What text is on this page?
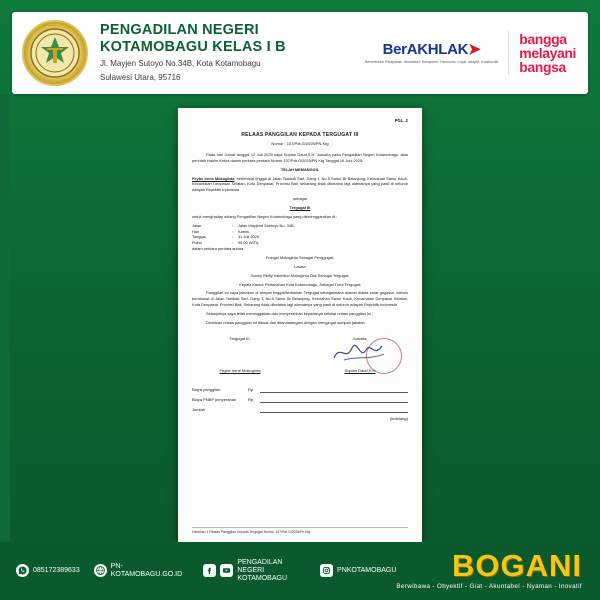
PENGADILAN NEGERI
KOTAMOBAGU KELAS I B
Jl. Mayjen Sutoyo No.34B, Kota Kotamobagu
Sulawesi Utara, 95716
BerAKHLAK➤
Berorientasi Pelayanan, Akuntabel, Kompeten, Harmonis, Loyal, Adaptif, Kolaboratif
bangga
melayani
bangsa
PGL. 2
RELAAS PANGGILAN KEPADA TERGUGAT III
Nomor : 107/Pdt.G/2025/PN Ktg

Pada hari Jumat tanggal 12 Juli 2025 saya Sopian Daud,S.H. Jurusita pada Pengadilan Negeri Kotamobagu, atas perintah Hakim Ketua dalam perkara perdata Nomor 107/Pdt.G/2025/PN Ktg Tanggal 16 Juni 2025;

TELAH MEMANGGIL

Feybe Irene Mokoginta, bertempat tinggal di Jalan Tambali Sari, Gang 1, No.5 Sanur Br Belanjong, Kelurahan Sanur Kauh, Kecamatan Denpasar Selatan, Kota Denpasar, Provinsi Bali, sekarang tidak diketahui lagi alamatnya yang pasti di seluruh wilayah Republik Indonesia

sebagai

Tergugat III

untuk menghadap sidang Pengadilan Negeri Kotamobagu yang diselenggarakan di :

Jalan	:	Jalan Mayjend Soetoyo No. 34B,
Hari	:	Kamis,
Tanggal	:	31 Juli 2025
Pukul	:	09.00 WITA,

dalam perkara perdata antara

Frangki Mokoginta Sebagai Penggugat,

Lawan

Sonny Reifly Valentino Mokoginta Dkk Sebagai Tergugat;

Kepala Kantor Pertanahan Kota Kotamobagu, Sebagai Turut Tergugat;

Panggilan ini saya jalankan di tempat tinggal/kediaman Tergugat sebagaimana alamat diatas surat gugatan, dahulu beralamat di Jalan Tambak Sari, Gang 1, No.5 Sanur Br Belanjong, Kelurahan Sanur Kauh, Kecamatan Denpasar Selatan, Kota Denpasar, Provinsi Bali, Sekarang tidak diketahui lagi alamatnya yang pasti di seluruh wilayah Republik indonesia

Selanjutnya saya telah meninggalkan dan menyerahkan kepadanya sehelai relaas panggilan ini ;

Demikian relaas panggilan ini dibuat dan ditandatangani dengan mengingat sumpah jabatan

Tergugat III,
Feybe Irene Mokoginta
Jurusita,
Sopian Daud,S.H
Biaya panggilan	Rp.
Biaya PNBP penyerahan	Rp.
Jumlah
(terbilang)
Halaman 1 Relaas Panggilan Kepada Tergugat Nomor, 107/Pdt.G/2025/Pn.Ktg
085172389633
PN-KOTAMOBAGU.GO.ID
PENGADILAN NEGERI
KOTAMOBAGU
PNKOTAMOBAGU	BOGANI
Berwibawa - Obyektif - Giat - Akuntabel - Nyaman - Inovatif
